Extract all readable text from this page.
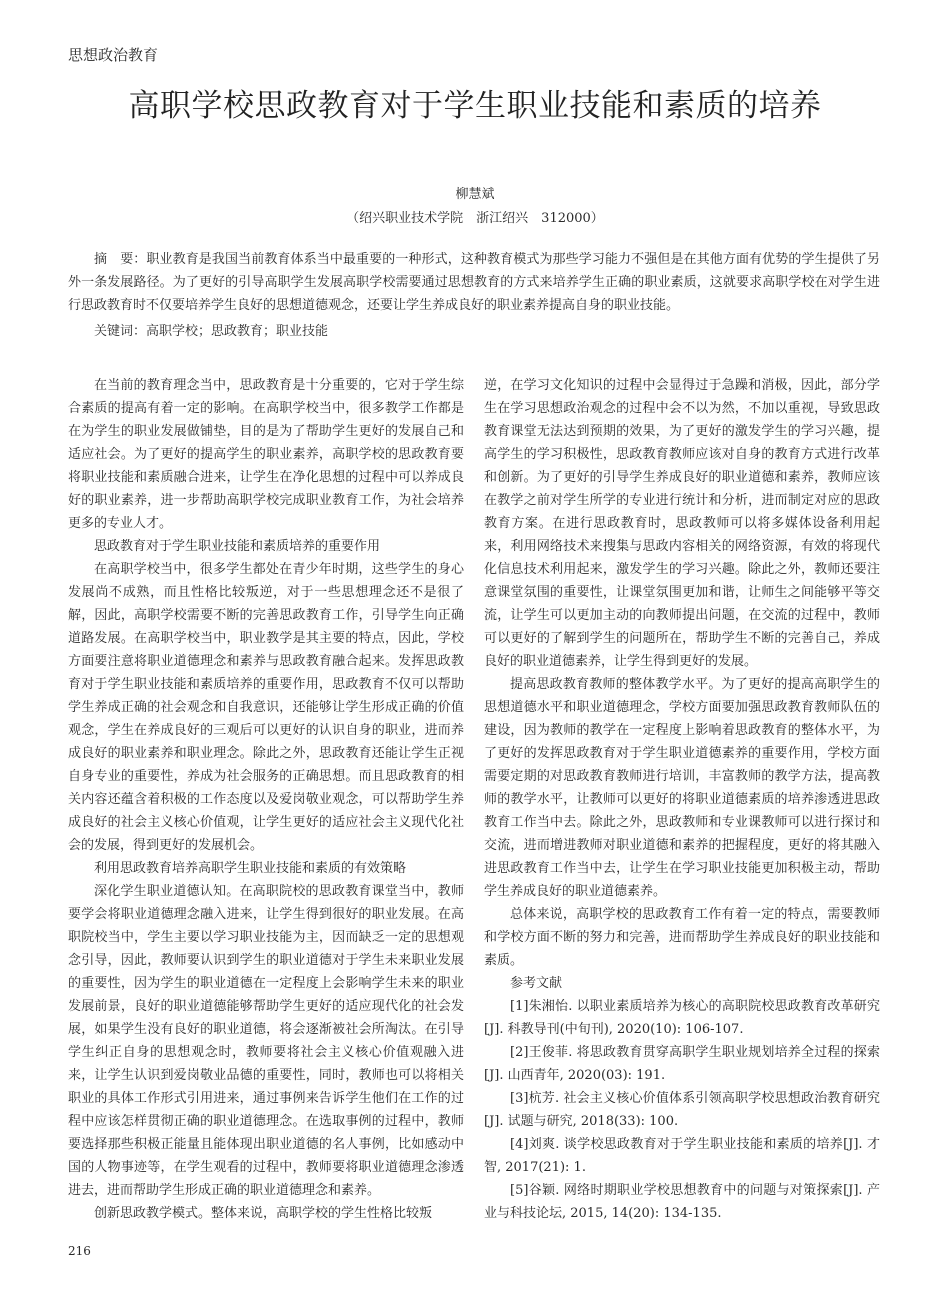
思想政治教育
高职学校思政教育对于学生职业技能和素质的培养
柳慧斌
（绍兴职业技术学院　浙江绍兴　312000）

摘　要：职业教育是我国当前教育体系当中最重要的一种形式，这种教育模式为那些学习能力不强但是在其他方面有优势的学生提供了另外一条发展路径。为了更好的引导高职学生发展高职学校需要通过思想教育的方式来培养学生正确的职业素质，这就要求高职学校在对学生进行思政教育时不仅要培养学生良好的思想道德观念，还要让学生养成良好的职业素养提高自身的职业技能。

关键词：高职学校；思政教育；职业技能

在当前的教育理念当中，思政教育是十分重要的，它对于学生综合素质的提高有着一定的影响。在高职学校当中，很多教学工作都是在为学生的职业发展做铺垫，目的是为了帮助学生更好的发展自己和适应社会。为了更好的提高学生的职业素养，高职学校的思政教育要将职业技能和素质融合进来，让学生在净化思想的过程中可以养成良好的职业素养，进一步帮助高职学校完成职业教育工作，为社会培养更多的专业人才。

思政教育对于学生职业技能和素质培养的重要作用

在高职学校当中，很多学生都处在青少年时期，这些学生的身心发展尚不成熟，而且性格比较叛逆，对于一些思想理念还不是很了解，因此，高职学校需要不断的完善思政教育工作，引导学生向正确道路发展。在高职学校当中，职业教学是其主要的特点，因此，学校方面要注意将职业道德理念和素养与思政教育融合起来。发挥思政教育对于学生职业技能和素质培养的重要作用，思政教育不仅可以帮助学生养成正确的社会观念和自我意识，还能够让学生形成正确的价值观念，学生在养成良好的三观后可以更好的认识自身的职业，进而养成良好的职业素养和职业理念。除此之外，思政教育还能让学生正视自身专业的重要性，养成为社会服务的正确思想。而且思政教育的相关内容还蕴含着积极的工作态度以及爱岗敬业观念，可以帮助学生养成良好的社会主义核心价值观，让学生更好的适应社会主义现代化社会的发展，得到更好的发展机会。

利用思政教育培养高职学生职业技能和素质的有效策略

深化学生职业道德认知。在高职院校的思政教育课堂当中，教师要学会将职业道德理念融入进来，让学生得到很好的职业发展。在高职院校当中，学生主要以学习职业技能为主，因而缺乏一定的思想观念引导，因此，教师要认识到学生的职业道德对于学生未来职业发展的重要性，因为学生的职业道德在一定程度上会影响学生未来的职业发展前景，良好的职业道德能够帮助学生更好的适应现代化的社会发展，如果学生没有良好的职业道德，将会逐渐被社会所淘汰。在引导学生纠正自身的思想观念时，教师要将社会主义核心价值观融入进来，让学生认识到爱岗敬业品德的重要性，同时，教师也可以将相关职业的具体工作形式引用进来，通过事例来告诉学生他们在工作的过程中应该怎样贯彻正确的职业道德理念。在选取事例的过程中，教师要选择那些积极正能量且能体现出职业道德的名人事例，比如感动中国的人物事迹等，在学生观看的过程中，教师要将职业道德理念渗透进去，进而帮助学生形成正确的职业道德理念和素养。

创新思政教学模式。整体来说，高职学校的学生性格比较叛

逆，在学习文化知识的过程中会显得过于急躁和消极，因此，部分学生在学习思想政治观念的过程中会不以为然，不加以重视，导致思政教育课堂无法达到预期的效果，为了更好的激发学生的学习兴趣，提高学生的学习积极性，思政教育教师应该对自身的教育方式进行改革和创新。为了更好的引导学生养成良好的职业道德和素养，教师应该在教学之前对学生所学的专业进行统计和分析，进而制定对应的思政教育方案。在进行思政教育时，思政教师可以将多媒体设备利用起来，利用网络技术来搜集与思政内容相关的网络资源，有效的将现代化信息技术利用起来，激发学生的学习兴趣。除此之外，教师还要注意课堂氛围的重要性，让课堂氛围更加和谐，让师生之间能够平等交流，让学生可以更加主动的向教师提出问题，在交流的过程中，教师可以更好的了解到学生的问题所在，帮助学生不断的完善自己，养成良好的职业道德素养，让学生得到更好的发展。

提高思政教育教师的整体教学水平。为了更好的提高高职学生的思想道德水平和职业道德理念，学校方面要加强思政教育教师队伍的建设，因为教师的教学在一定程度上影响着思政教育的整体水平，为了更好的发挥思政教育对于学生职业道德素养的重要作用，学校方面需要定期的对思政教育教师进行培训，丰富教师的教学方法，提高教师的教学水平，让教师可以更好的将职业道德素质的培养渗透进思政教育工作当中去。除此之外，思政教师和专业课教师可以进行探讨和交流，进而增进教师对职业道德和素养的把握程度，更好的将其融入进思政教育工作当中去，让学生在学习职业技能更加积极主动，帮助学生养成良好的职业道德素养。

总体来说，高职学校的思政教育工作有着一定的特点，需要教师和学校方面不断的努力和完善，进而帮助学生养成良好的职业技能和素质。

参考文献

[1]朱湘怡. 以职业素质培养为核心的高职院校思政教育改革研究[J]. 科教导刊(中旬刊), 2020(10): 106-107.

[2]王俊菲. 将思政教育贯穿高职学生职业规划培养全过程的探索[J]. 山西青年, 2020(03): 191.

[3]杭芳. 社会主义核心价值体系引领高职学校思想政治教育研究[J]. 试题与研究, 2018(33): 100.

[4]刘爽. 谈学校思政教育对于学生职业技能和素质的培养[J]. 才智, 2017(21): 1.

[5]谷颖. 网络时期职业学校思想教育中的问题与对策探索[J]. 产业与科技论坛, 2015, 14(20): 134-135.

216
